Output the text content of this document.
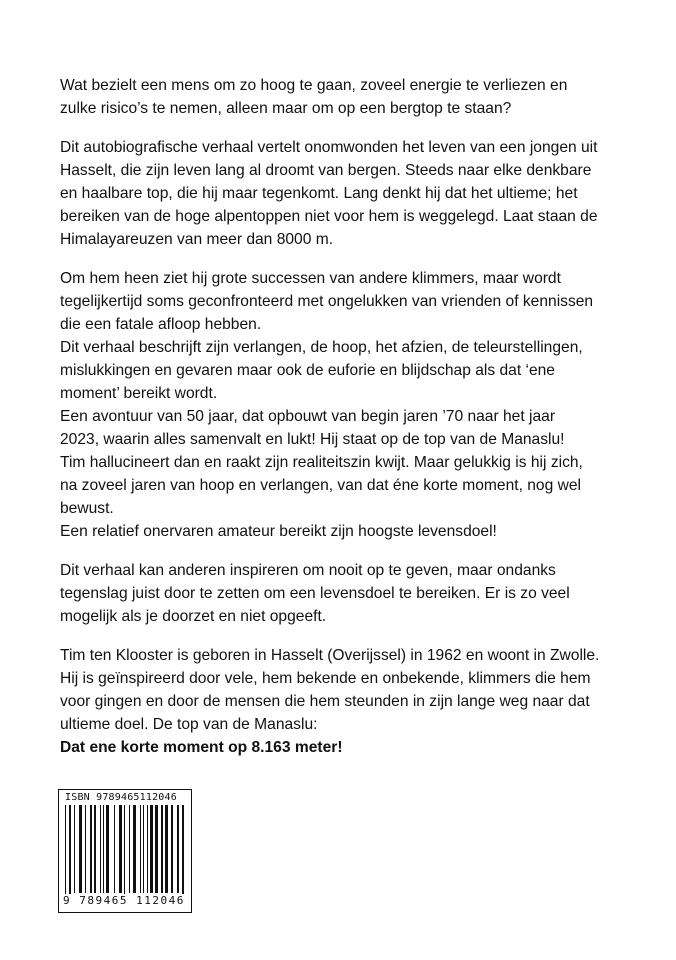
Wat bezielt een mens om zo hoog te gaan, zoveel energie te verliezen en
zulke risico’s te nemen, alleen maar om op een bergtop te staan?

Dit autobiografische verhaal vertelt onomwonden het leven van een jongen uit
Hasselt, die zijn leven lang al droomt van bergen. Steeds naar elke denkbare
en haalbare top, die hij maar tegenkomt. Lang denkt hij dat het ultieme; het
bereiken van de hoge alpentoppen niet voor hem is weggelegd. Laat staan de
Himalayareuzen van meer dan 8000 m.

Om hem heen ziet hij grote successen van andere klimmers, maar wordt
tegelijkertijd soms geconfronteerd met ongelukken van vrienden of kennissen
die een fatale afloop hebben.
Dit verhaal beschrijft zijn verlangen, de hoop, het afzien, de teleurstellingen,
mislukkingen en gevaren maar ook de euforie en blijdschap als dat ‘ene
moment’ bereikt wordt.
Een avontuur van 50 jaar, dat opbouwt van begin jaren ’70 naar het jaar
2023, waarin alles samenvalt en lukt! Hij staat op de top van de Manaslu!
Tim hallucineert dan en raakt zijn realiteitszin kwijt. Maar gelukkig is hij zich,
na zoveel jaren van hoop en verlangen, van dat éne korte moment, nog wel
bewust.
Een relatief onervaren amateur bereikt zijn hoogste levensdoel!

Dit verhaal kan anderen inspireren om nooit op te geven, maar ondanks
tegenslag juist door te zetten om een levensdoel te bereiken. Er is zo veel
mogelijk als je doorzet en niet opgeeft.

Tim ten Klooster is geboren in Hasselt (Overijssel) in 1962 en woont in Zwolle.
Hij is geïnspireerd door vele, hem bekende en onbekende, klimmers die hem
voor gingen en door de mensen die hem steunden in zijn lange weg naar dat
ultieme doel. De top van de Manaslu:
Dat ene korte moment op 8.163 meter!

ISBN 9789465112046
9 789465 112046
